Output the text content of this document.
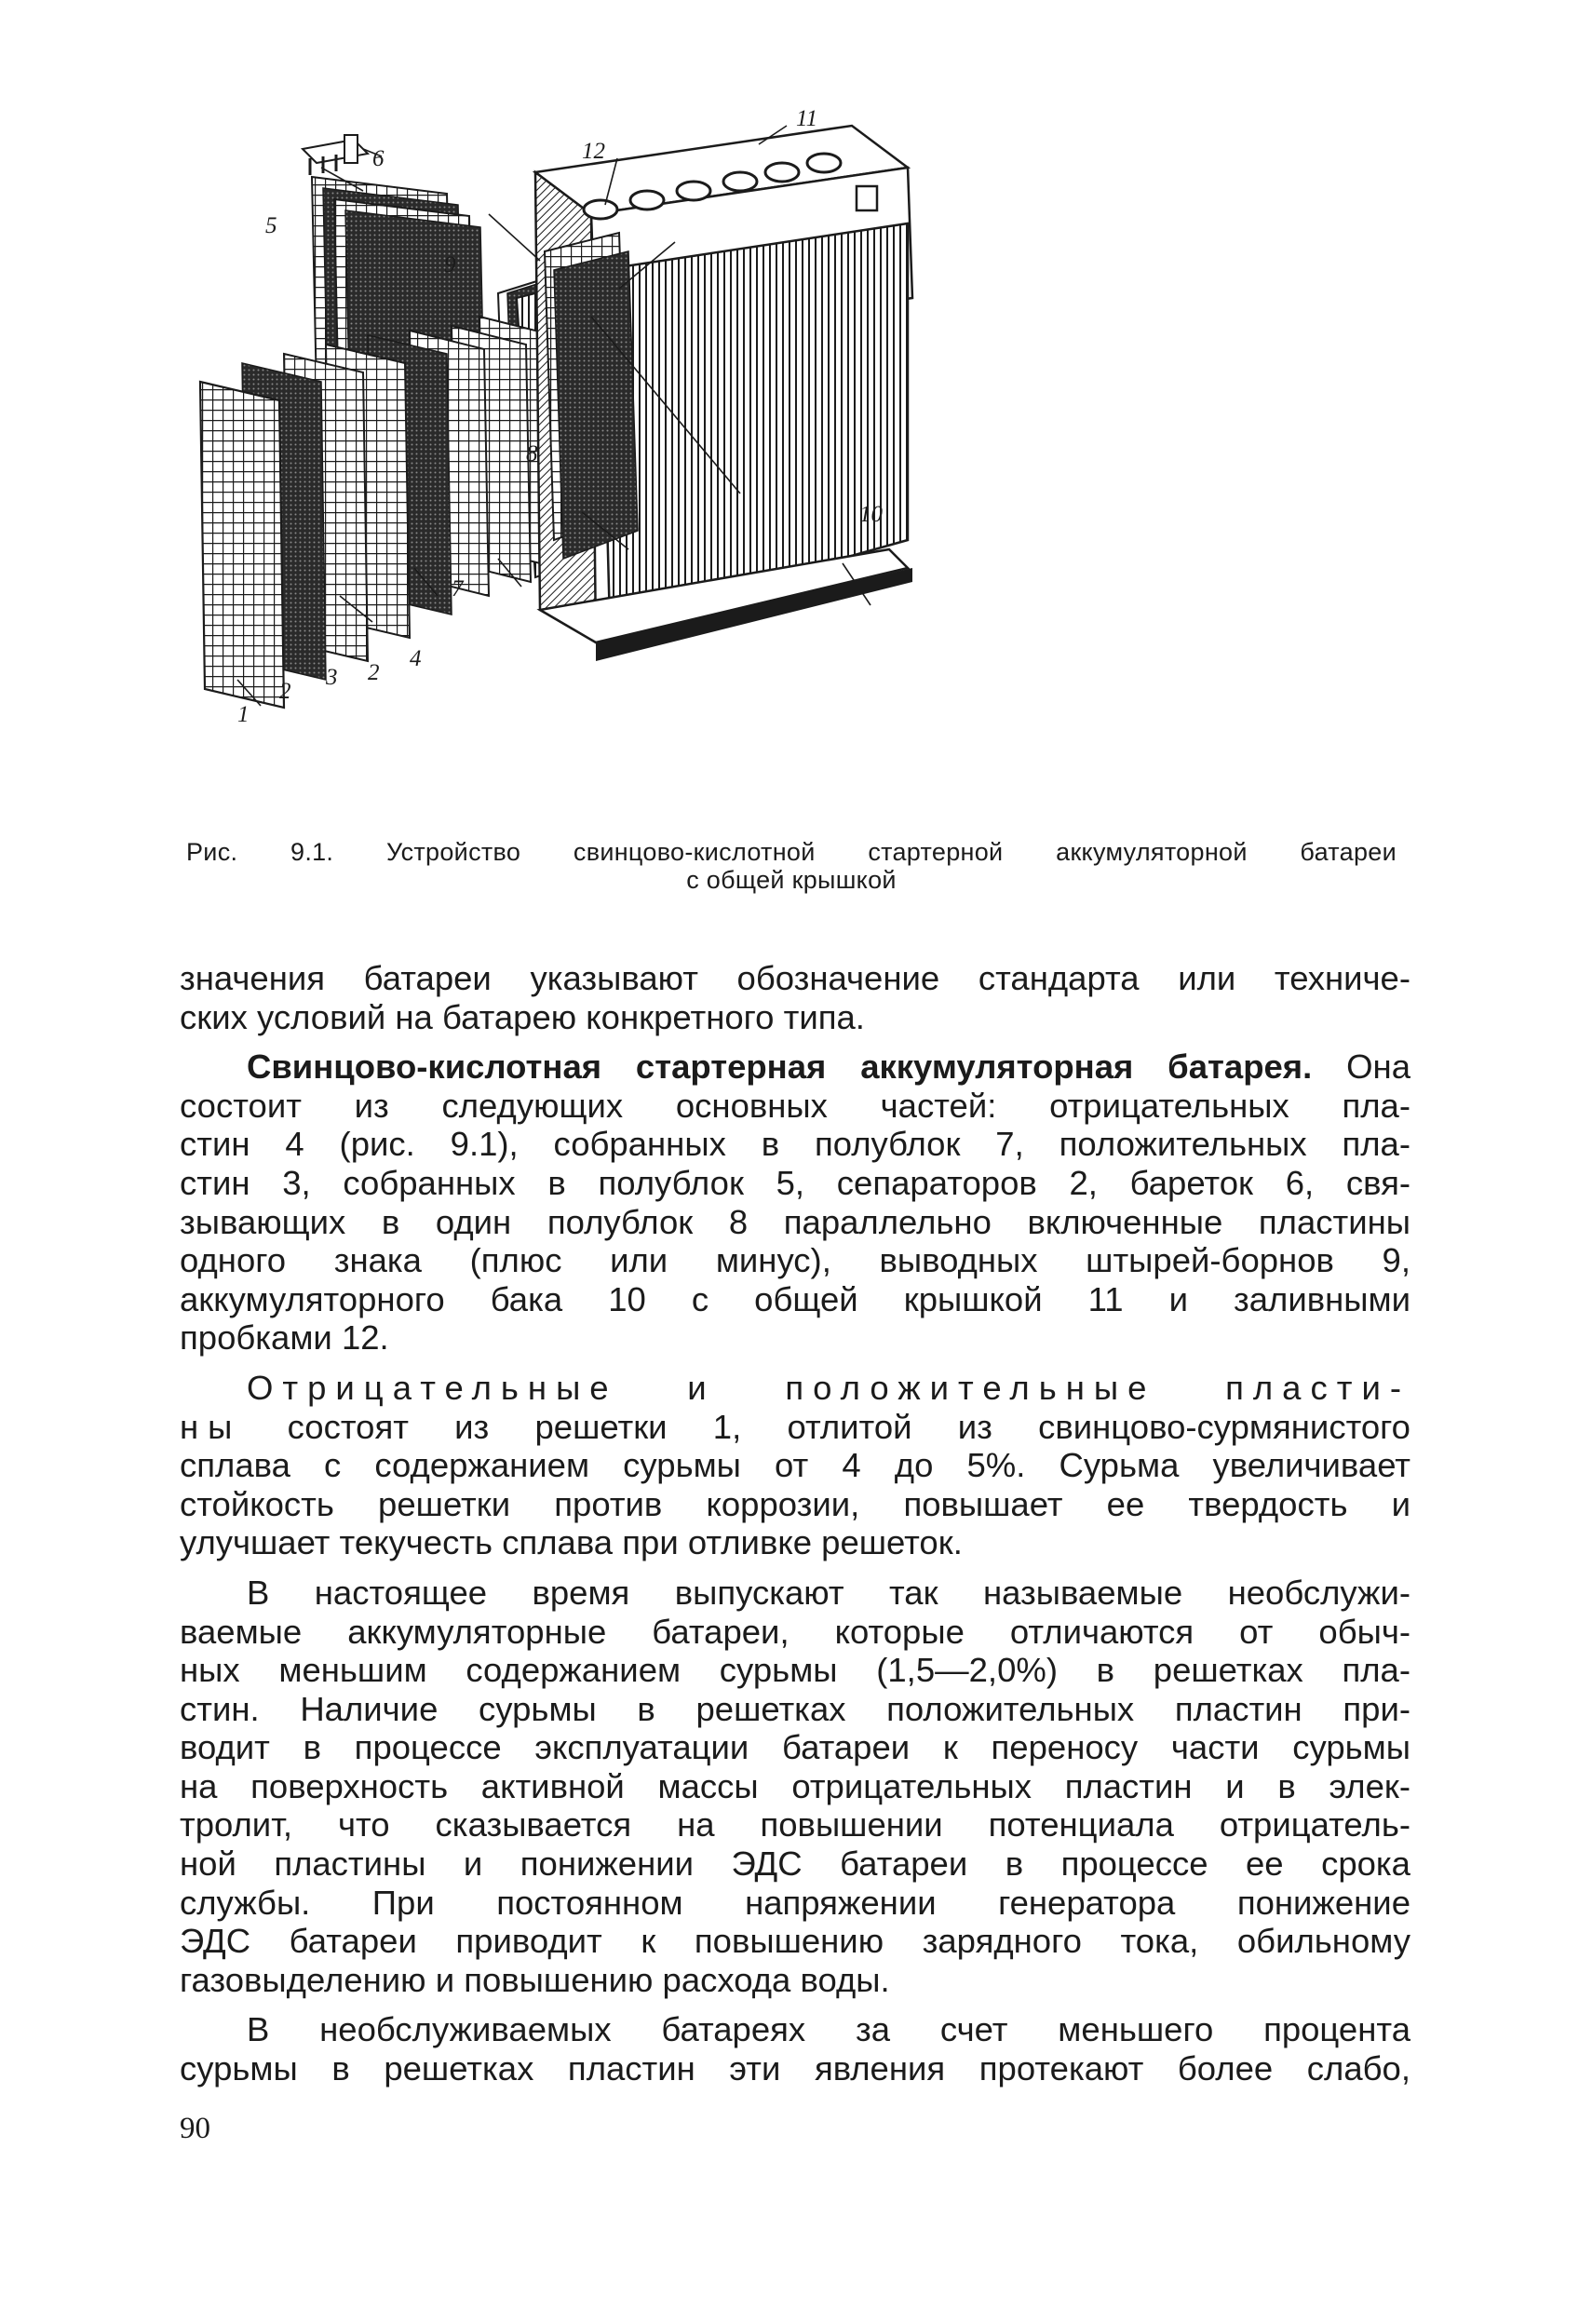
1
2
3 2
4
5
6
7
8
9
10
11
12
Рис. 9.1. Устройство свинцово-кислотной стартерной аккумуляторной батареи
с общей крышкой
значения батареи указывают обозначение стандарта или техниче-
ских условий на батарею конкретного типа.
Свинцово-кислотная стартерная аккумуляторная батарея. Она
состоит из следующих основных частей: отрицательных пла-
стин 4 (рис. 9.1), собранных в полублок 7, положительных пла-
стин 3, собранных в полублок 5, сепараторов 2, бареток 6, свя-
зывающих в один полублок 8 параллельно включенные пластины
одного знака (плюс или минус), выводных штырей-борнов 9,
аккумуляторного бака 10 с общей крышкой 11 и заливными
пробками 12.
Отрицательные и положительные пласти-
ны состоят из решетки 1, отлитой из свинцово-сурмянистого
сплава с содержанием сурьмы от 4 до 5%. Сурьма увеличивает
стойкость решетки против коррозии, повышает ее твердость и
улучшает текучесть сплава при отливке решеток.
В настоящее время выпускают так называемые необслужи-
ваемые аккумуляторные батареи, которые отличаются от обыч-
ных меньшим содержанием сурьмы (1,5—2,0%) в решетках пла-
стин. Наличие сурьмы в решетках положительных пластин при-
водит в процессе эксплуатации батареи к переносу части сурьмы
на поверхность активной массы отрицательных пластин и в элек-
тролит, что сказывается на повышении потенциала отрицатель-
ной пластины и понижении ЭДС батареи в процессе ее срока
службы. При постоянном напряжении генератора понижение
ЭДС батареи приводит к повышению зарядного тока, обильному
газовыделению и повышению расхода воды.
В необслуживаемых батареях за счет меньшего процента
сурьмы в решетках пластин эти явления протекают более слабо,
90
